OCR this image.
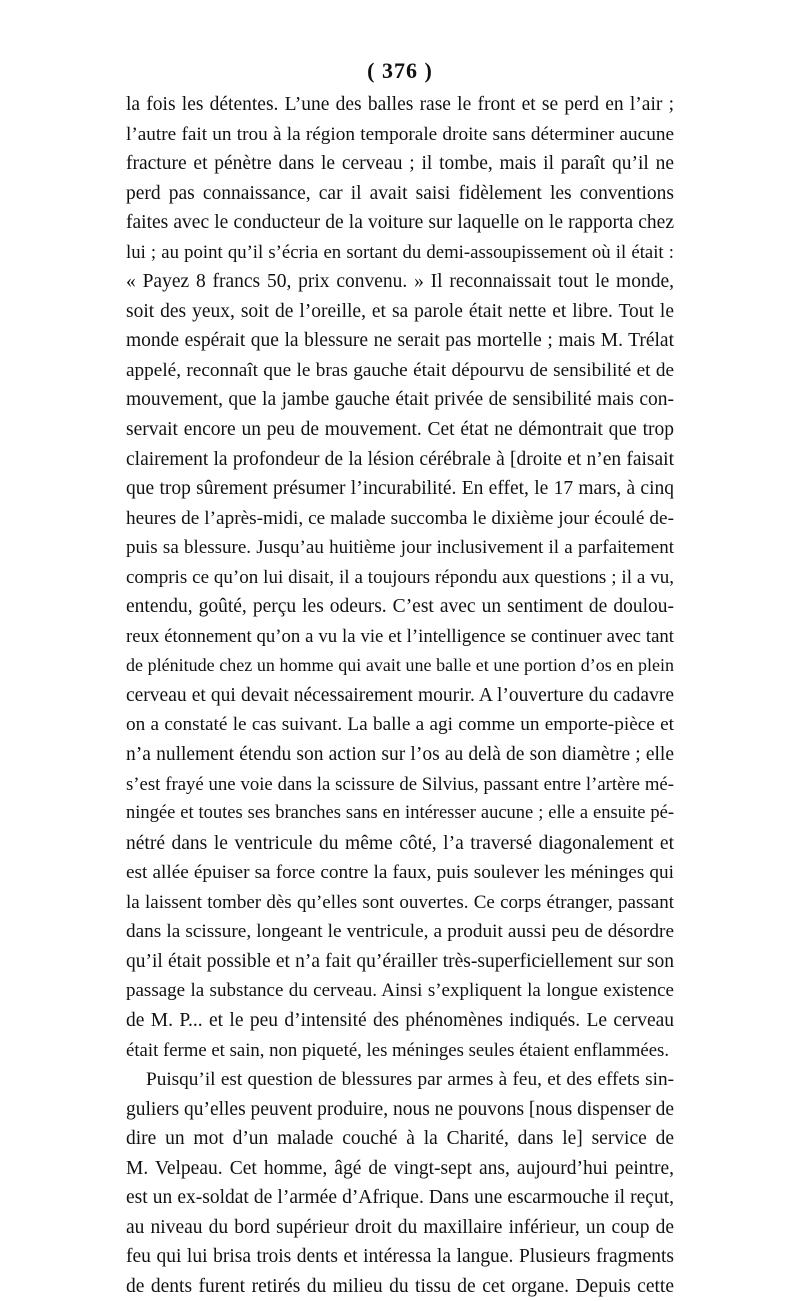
( 376 )
la fois les détentes. L’une des balles rase le front et se perd en l’air ;
l’autre fait un trou à la région temporale droite sans déterminer aucune
fracture et pénètre dans le cerveau ; il tombe, mais il paraît qu’il ne
perd pas connaissance, car il avait saisi fidèlement les conventions
faites avec le conducteur de la voiture sur laquelle on le rapporta chez
lui ; au point qu’il s’écria en sortant du demi-assoupissement où il était :
« Payez 8 francs 50, prix convenu. » Il reconnaissait tout le monde,
soit des yeux, soit de l’oreille, et sa parole était nette et libre. Tout le
monde espérait que la blessure ne serait pas mortelle ; mais M. Trélat
appelé, reconnaît que le bras gauche était dépourvu de sensibilité et de
mouvement, que la jambe gauche était privée de sensibilité mais con-
servait encore un peu de mouvement. Cet état ne démontrait que trop
clairement la profondeur de la lésion cérébrale à [droite et n’en faisait
que trop sûrement présumer l’incurabilité. En effet, le 17 mars, à cinq
heures de l’après-midi, ce malade succomba le dixième jour écoulé de-
puis sa blessure. Jusqu’au huitième jour inclusivement il a parfaitement
compris ce qu’on lui disait, il a toujours répondu aux questions ; il a vu,
entendu, goûté, perçu les odeurs. C’est avec un sentiment de doulou-
reux étonnement qu’on a vu la vie et l’intelligence se continuer avec tant
de plénitude chez un homme qui avait une balle et une portion d’os en plein
cerveau et qui devait nécessairement mourir. A l’ouverture du cadavre
on a constaté le cas suivant. La balle a agi comme un emporte-pièce et
n’a nullement étendu son action sur l’os au delà de son diamètre ; elle
s’est frayé une voie dans la scissure de Silvius, passant entre l’artère mé-
ningée et toutes ses branches sans en intéresser aucune ; elle a ensuite pé-
nétré dans le ventricule du même côté, l’a traversé diagonalement et
est allée épuiser sa force contre la faux, puis soulever les méninges qui
la laissent tomber dès qu’elles sont ouvertes. Ce corps étranger, passant
dans la scissure, longeant le ventricule, a produit aussi peu de désordre
qu’il était possible et n’a fait qu’érailler très-superficiellement sur son
passage la substance du cerveau. Ainsi s’expliquent la longue existence
de M. P... et le peu d’intensité des phénomènes indiqués. Le cerveau
était ferme et sain, non piqueté, les méninges seules étaient enflammées.
Puisqu’il est question de blessures par armes à feu, et des effets sin-
guliers qu’elles peuvent produire, nous ne pouvons [nous dispenser de
dire un mot d’un malade couché à la Charité, dans le] service de
M. Velpeau. Cet homme, âgé de vingt-sept ans, aujourd’hui peintre,
est un ex-soldat de l’armée d’Afrique. Dans une escarmouche il reçut,
au niveau du bord supérieur droit du maxillaire inférieur, un coup de
feu qui lui brisa trois dents et intéressa la langue. Plusieurs fragments
de dents furent retirés du milieu du tissu de cet organe. Depuis cette
